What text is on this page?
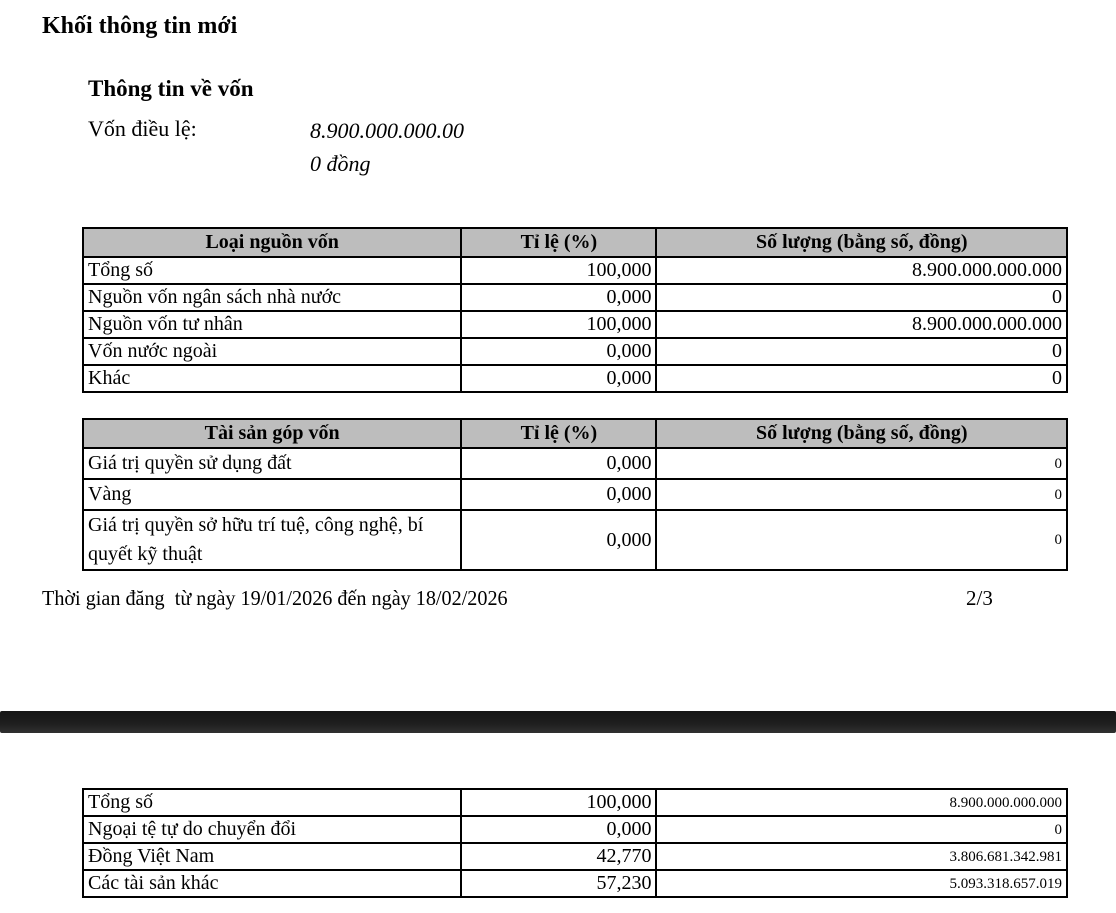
Khối thông tin mới
Thông tin về vốn
Vốn điều lệ:	8.900.000.000.00
0 đồng
Loại nguồn vốn	Tỉ lệ (%)	Số lượng (bằng số, đồng)
Tổng số	100,000	8.900.000.000.000
Nguồn vốn ngân sách nhà nước	0,000	0
Nguồn vốn tư nhân	100,000	8.900.000.000.000
Vốn nước ngoài	0,000	0
Khác	0,000	0
Tài sản góp vốn	Tỉ lệ (%)	Số lượng (bằng số, đồng)
Giá trị quyền sử dụng đất	0,000	0
Vàng	0,000	0
Giá trị quyền sở hữu trí tuệ, công nghệ, bí quyết kỹ thuật	0,000	0
Thời gian đăng  từ ngày 19/01/2026 đến ngày 18/02/2026	2/3
Tổng số	100,000	8.900.000.000.000
Ngoại tệ tự do chuyển đổi	0,000	0
Đồng Việt Nam	42,770	3.806.681.342.981
Các tài sản khác	57,230	5.093.318.657.019
